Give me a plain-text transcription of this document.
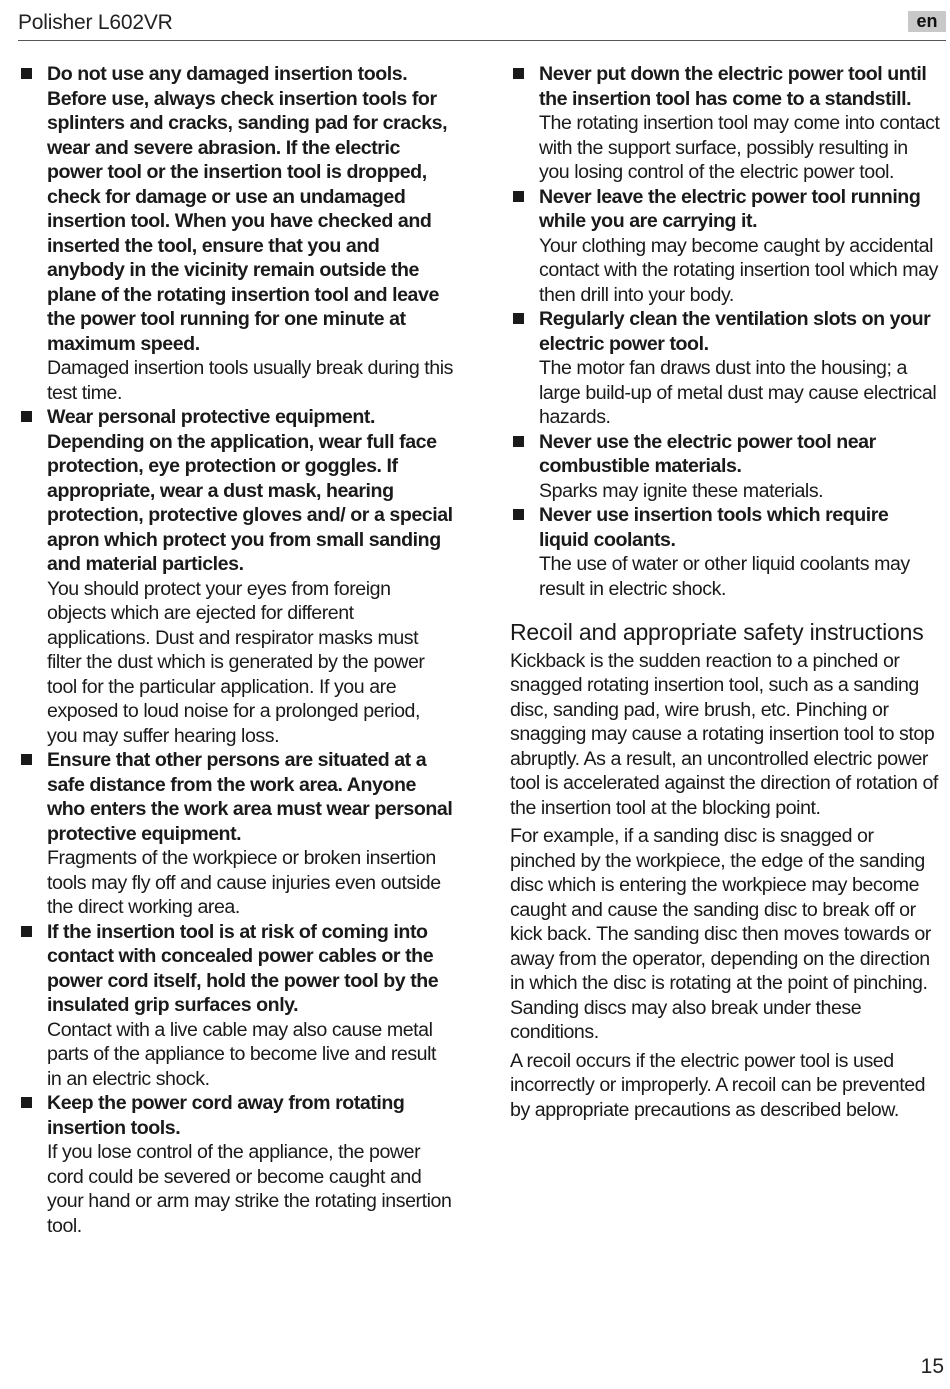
Polisher L602VR	en
Do not use any damaged insertion tools. Before use, always check insertion tools for splinters and cracks, sanding pad for cracks, wear and severe abrasion. If the electric power tool or the insertion tool is dropped, check for damage or use an undamaged insertion tool. When you have checked and inserted the tool, ensure that you and anybody in the vicinity remain outside the plane of the rotating insertion tool and leave the power tool running for one minute at maximum speed.
Damaged insertion tools usually break during this test time.
Wear personal protective equipment. Depending on the application, wear full face protection, eye protection or goggles. If appropriate, wear a dust mask, hearing protection, protective gloves and/ or a special apron which protect you from small sanding and material particles.
You should protect your eyes from foreign objects which are ejected for different applications. Dust and respirator masks must filter the dust which is generated by the power tool for the particular application. If you are exposed to loud noise for a prolonged period, you may suffer hearing loss.
Ensure that other persons are situated at a safe distance from the work area. Anyone who enters the work area must wear personal protective equipment.
Fragments of the workpiece or broken insertion tools may fly off and cause injuries even outside the direct working area.
If the insertion tool is at risk of coming into contact with concealed power cables or the power cord itself, hold the power tool by the insulated grip surfaces only.
Contact with a live cable may also cause metal parts of the appliance to become live and result in an electric shock.
Keep the power cord away from rotating insertion tools.
If you lose control of the appliance, the power cord could be severed or become caught and your hand or arm may strike the rotating insertion tool.
Never put down the electric power tool until the insertion tool has come to a standstill.
The rotating insertion tool may come into contact with the support surface, possibly resulting in you losing control of the electric power tool.
Never leave the electric power tool running while you are carrying it.
Your clothing may become caught by accidental contact with the rotating insertion tool which may then drill into your body.
Regularly clean the ventilation slots on your electric power tool.
The motor fan draws dust into the housing; a large build-up of metal dust may cause electrical hazards.
Never use the electric power tool near combustible materials.
Sparks may ignite these materials.
Never use insertion tools which require liquid coolants.
The use of water or other liquid coolants may result in electric shock.
Recoil and appropriate safety instructions

Kickback is the sudden reaction to a pinched or snagged rotating insertion tool, such as a sanding disc, sanding pad, wire brush, etc. Pinching or snagging may cause a rotating insertion tool to stop abruptly. As a result, an uncontrolled electric power tool is accelerated against the direction of rotation of the insertion tool at the blocking point.

For example, if a sanding disc is snagged or pinched by the workpiece, the edge of the sanding disc which is entering the workpiece may become caught and cause the sanding disc to break off or kick back. The sanding disc then moves towards or away from the operator, depending on the direction in which the disc is rotating at the point of pinching. Sanding discs may also break under these conditions.

A recoil occurs if the electric power tool is used incorrectly or improperly. A recoil can be prevented by appropriate precautions as described below.

15
